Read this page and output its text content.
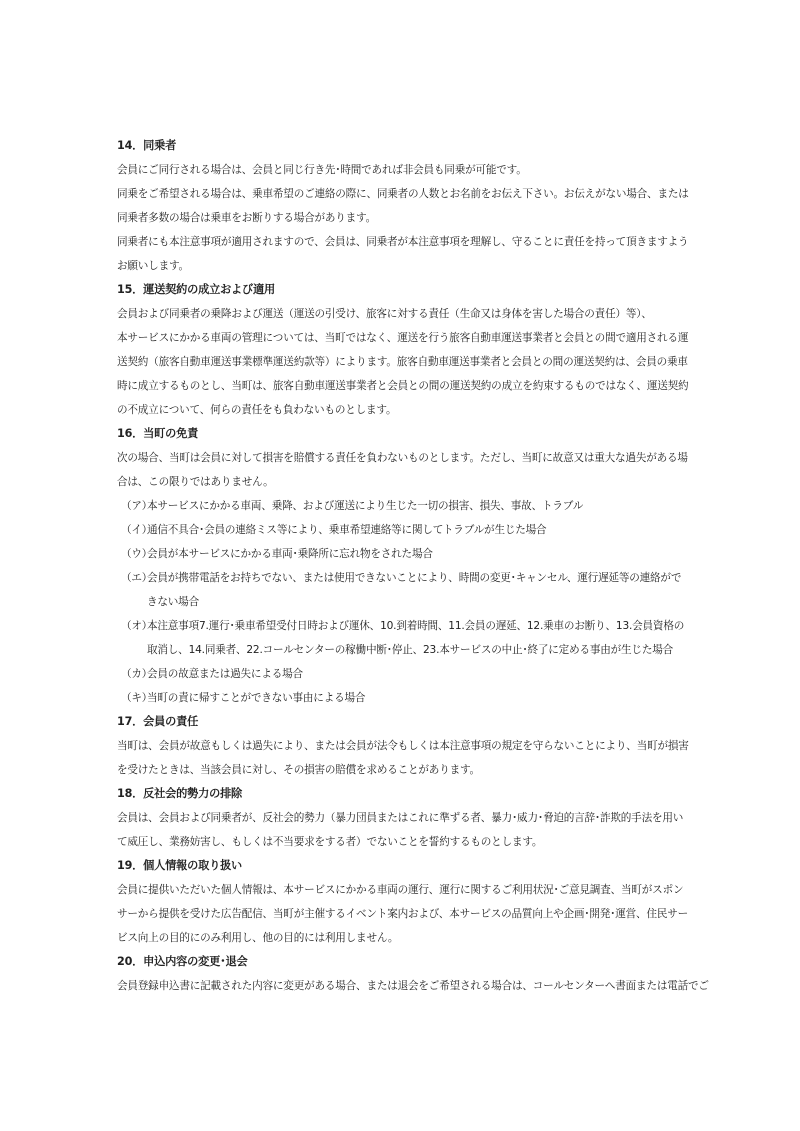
14．同乗者

会員にご同行される場合は、会員と同じ行き先･時間であれば非会員も同乗が可能です。

同乗をご希望される場合は、乗車希望のご連絡の際に、同乗者の人数とお名前をお伝え下さい。お伝えがない場合、または同乗者多数の場合は乗車をお断りする場合があります。

同乗者にも本注意事項が適用されますので、会員は、同乗者が本注意事項を理解し、守ることに責任を持って頂きますようお願いします。

15．運送契約の成立および適用

会員および同乗者の乗降および運送（運送の引受け、旅客に対する責任（生命又は身体を害した場合の責任）等）、

本サービスにかかる車両の管理については、当町ではなく、運送を行う旅客自動車運送事業者と会員との間で適用される運送契約（旅客自動車運送事業標準運送約款等）によります。旅客自動車運送事業者と会員との間の運送契約は、会員の乗車時に成立するものとし、当町は、旅客自動車運送事業者と会員との間の運送契約の成立を約束するものではなく、運送契約の不成立について、何らの責任をも負わないものとします。

16．当町の免責

次の場合、当町は会員に対して損害を賠償する責任を負わないものとします。ただし、当町に故意又は重大な過失がある場合は、この限りではありません。

（ア）本サービスにかかる車両、乗降、および運送により生じた一切の損害、損失、事故、トラブル

（イ）通信不具合･会員の連絡ミス等により、乗車希望連絡等に関してトラブルが生じた場合

（ウ）会員が本サービスにかかる車両･乗降所に忘れ物をされた場合

（エ）会員が携帯電話をお持ちでない、または使用できないことにより、時間の変更･キャンセル、運行遅延等の連絡ができない場合

（オ）本注意事項7.運行･乗車希望受付日時および運休、10.到着時間、11.会員の遅延、12.乗車のお断り、13.会員資格の取消し、14.同乗者、22.コールセンターの稼働中断･停止、23.本サービスの中止･終了に定める事由が生じた場合

（カ）会員の故意または過失による場合

（キ）当町の責に帰すことができない事由による場合

17．会員の責任

当町は、会員が故意もしくは過失により、または会員が法令もしくは本注意事項の規定を守らないことにより、当町が損害を受けたときは、当該会員に対し、その損害の賠償を求めることがあります。

18．反社会的勢力の排除

会員は、会員および同乗者が、反社会的勢力（暴力団員またはこれに準ずる者、暴力･威力･脅迫的言辞･詐欺的手法を用いて威圧し、業務妨害し、もしくは不当要求をする者）でないことを誓約するものとします。

19．個人情報の取り扱い

会員に提供いただいた個人情報は、本サービスにかかる車両の運行、運行に関するご利用状況･ご意見調査、当町がスポンサーから提供を受けた広告配信、当町が主催するイベント案内および、本サービスの品質向上や企画･開発･運営、住民サービス向上の目的にのみ利用し、他の目的には利用しません。

20．申込内容の変更･退会

会員登録申込書に記載された内容に変更がある場合、または退会をご希望される場合は、コールセンターへ書面または電話でご
